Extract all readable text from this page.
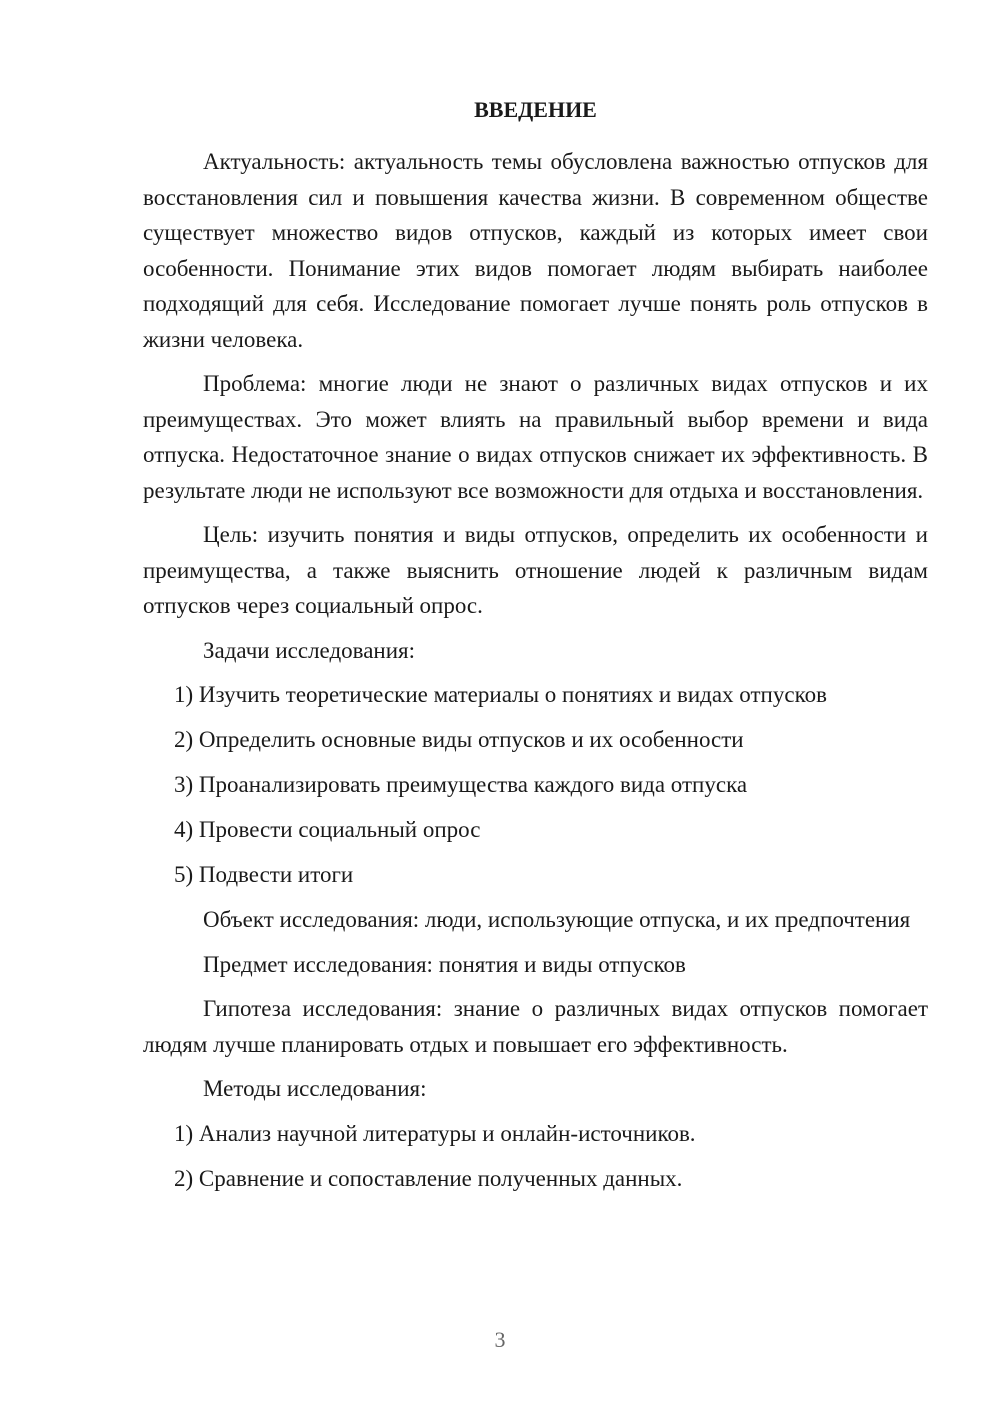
ВВЕДЕНИЕ

Актуальность: актуальность темы обусловлена важностью отпусков для восстановления сил и повышения качества жизни. В современном обществе существует множество видов отпусков, каждый из которых имеет свои особенности. Понимание этих видов помогает людям выбирать наиболее подходящий для себя. Исследование помогает лучше понять роль отпусков в жизни человека.

Проблема: многие люди не знают о различных видах отпусков и их преимуществах. Это может влиять на правильный выбор времени и вида отпуска. Недостаточное знание о видах отпусков снижает их эффективность. В результате люди не используют все возможности для отдыха и восстановления.

Цель: изучить понятия и виды отпусков, определить их особенности и преимущества, а также выяснить отношение людей к различным видам отпусков через социальный опрос.

Задачи исследования:
1) Изучить теоретические материалы о понятиях и видах отпусков
2) Определить основные виды отпусков и их особенности
3) Проанализировать преимущества каждого вида отпуска
4) Провести социальный опрос
5) Подвести итоги

Объект исследования: люди, использующие отпуска, и их предпочтения

Предмет исследования: понятия и виды отпусков

Гипотеза исследования: знание о различных видах отпусков помогает людям лучше планировать отдых и повышает его эффективность.

Методы исследования:
1) Анализ научной литературы и онлайн-источников.
2) Сравнение и сопоставление полученных данных.
3
